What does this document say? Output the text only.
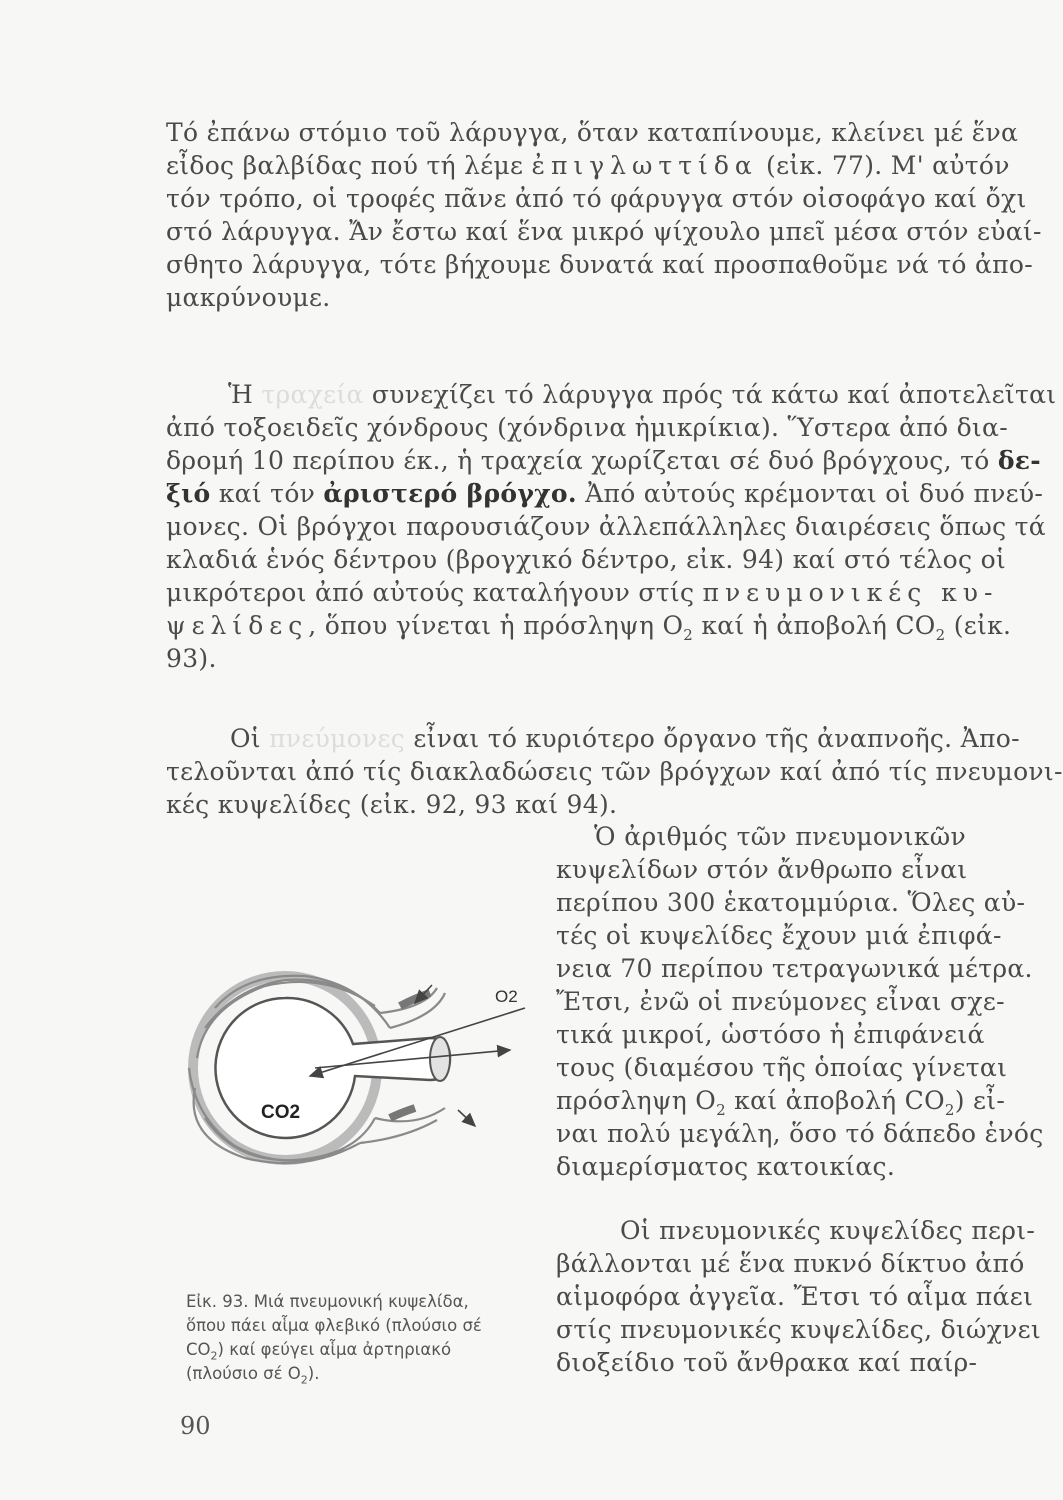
Τό ἐπάνω στόμιο τοῦ λάρυγγα, ὅταν καταπίνουμε, κλείνει μέ ἕνα
εἶδος βαλβίδας πού τή λέμε ἐπιγλωττίδα (εἰκ. 77). Μ' αὐτόν
τόν τρόπο, οἱ τροφές πᾶνε ἀπό τό φάρυγγα στόν οἰσοφάγο καί ὄχι
στό λάρυγγα. Ἄν ἔστω καί ἕνα μικρό ψίχουλο μπεῖ μέσα στόν εὐαί-
σθητο λάρυγγα, τότε βήχουμε δυνατά καί προσπαθοῦμε νά τό ἀπο-
μακρύνουμε.
Ἡ τραχεία συνεχίζει τό λάρυγγα πρός τά κάτω καί ἀποτελεῖται
ἀπό τοξοειδεῖς χόνδρους (χόνδρινα ἡμικρίκια). Ὕστερα ἀπό δια-
δρομή 10 περίπου έκ., ἡ τραχεία χωρίζεται σέ δυό βρόγχους, τό δε-
ξιό καί τόν ἀριστερό βρόγχο. Ἀπό αὐτούς κρέμονται οἱ δυό πνεύ-
μονες. Οἱ βρόγχοι παρουσιάζουν ἀλλεπάλληλες διαιρέσεις ὅπως τά
κλαδιά ἑνός δέντρου (βρογχικό δέντρο, εἰκ. 94) καί στό τέλος οἱ
μικρότεροι ἀπό αὐτούς καταλήγουν στίς πνευμονικές κυ-
ψελίδες, ὅπου γίνεται ἡ πρόσληψη $O_2$ καί ἡ ἀποβολή $CO_2$ (εἰκ.
93).
Οἱ πνεύμονες εἶναι τό κυριότερο ὄργανο τῆς ἀναπνοῆς. Ἀπο-
τελοῦνται ἀπό τίς διακλαδώσεις τῶν βρόγχων καί ἀπό τίς πνευμονι-
κές κυψελίδες (εἰκ. 92, 93 καί 94).
Ὁ ἀριθμός τῶν πνευμονικῶν
κυψελίδων στόν ἄνθρωπο εἶναι
περίπου 300 ἑκατομμύρια. Ὅλες αὐ-
τές οἱ κυψελίδες ἔχουν μιά ἐπιφά-
νεια 70 περίπου τετραγωνικά μέτρα.
Ἔτσι, ἐνῶ οἱ πνεύμονες εἶναι σχε-
τικά μικροί, ὡστόσο ἡ ἐπιφάνειά
τους (διαμέσου τῆς ὁποίας γίνεται
πρόσληψη $O_2$ καί ἀποβολή $CO_2$) εἶ-
ναι πολύ μεγάλη, ὅσο τό δάπεδο ἑνός
διαμερίσματος κατοικίας.
Οἱ πνευμονικές κυψελίδες περι-
βάλλονται μέ ἕνα πυκνό δίκτυο ἀπό
αἱμοφόρα ἀγγεῖα. Ἔτσι τό αἷμα πάει
στίς πνευμονικές κυψελίδες, διώχνει
διοξείδιο τοῦ ἄνθρακα καί παίρ-
O2
CO2
Εἰκ. 93. Μιά πνευμονική κυψελίδα,
ὅπου πάει αἷμα φλεβικό (πλούσιο σέ
$CO_2$) καί φεύγει αἷμα ἀρτηριακό
(πλούσιο σέ $O_2$).
90
